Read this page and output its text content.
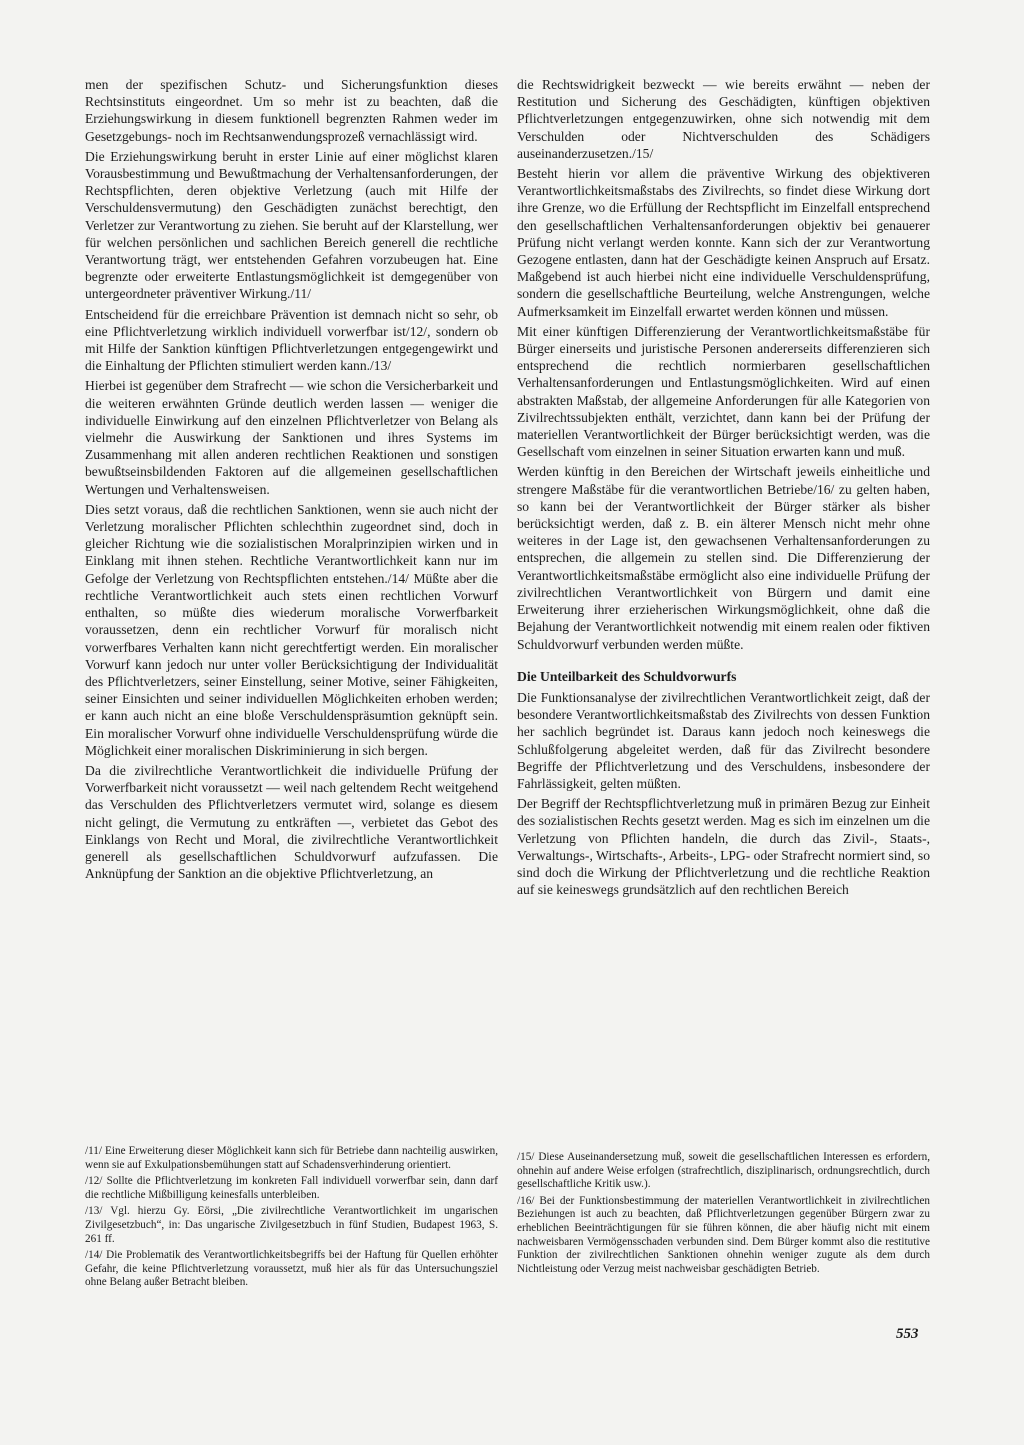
men der spezifischen Schutz- und Sicherungsfunktion dieses Rechtsinstituts eingeordnet. Um so mehr ist zu beachten, daß die Erziehungswirkung in diesem funktionell begrenzten Rahmen weder im Gesetzgebungs- noch im Rechtsanwendungsprozeß vernachlässigt wird.

Die Erziehungswirkung beruht in erster Linie auf einer möglichst klaren Vorausbestimmung und Bewußtmachung der Verhaltensanforderungen, der Rechtspflichten, deren objektive Verletzung (auch mit Hilfe der Verschuldensvermutung) den Geschädigten zunächst berechtigt, den Verletzer zur Verantwortung zu ziehen. Sie beruht auf der Klarstellung, wer für welchen persönlichen und sachlichen Bereich generell die rechtliche Verantwortung trägt, wer entstehenden Gefahren vorzubeugen hat. Eine begrenzte oder erweiterte Entlastungsmöglichkeit ist demgegenüber von untergeordneter präventiver Wirkung./11/

Entscheidend für die erreichbare Prävention ist demnach nicht so sehr, ob eine Pflichtverletzung wirklich individuell vorwerfbar ist/12/, sondern ob mit Hilfe der Sanktion künftigen Pflichtverletzungen entgegengewirkt und die Einhaltung der Pflichten stimuliert werden kann./13/

Hierbei ist gegenüber dem Strafrecht — wie schon die Versicherbarkeit und die weiteren erwähnten Gründe deutlich werden lassen — weniger die individuelle Einwirkung auf den einzelnen Pflichtverletzer von Belang als vielmehr die Auswirkung der Sanktionen und ihres Systems im Zusammenhang mit allen anderen rechtlichen Reaktionen und sonstigen bewußtseinsbildenden Faktoren auf die allgemeinen gesellschaftlichen Wertungen und Verhaltensweisen.

Dies setzt voraus, daß die rechtlichen Sanktionen, wenn sie auch nicht der Verletzung moralischer Pflichten schlechthin zugeordnet sind, doch in gleicher Richtung wie die sozialistischen Moralprinzipien wirken und in Einklang mit ihnen stehen. Rechtliche Verantwortlichkeit kann nur im Gefolge der Verletzung von Rechtspflichten entstehen./14/ Müßte aber die rechtliche Verantwortlichkeit auch stets einen rechtlichen Vorwurf enthalten, so müßte dies wiederum moralische Vorwerfbarkeit voraussetzen, denn ein rechtlicher Vorwurf für moralisch nicht vorwerfbares Verhalten kann nicht gerechtfertigt werden. Ein moralischer Vorwurf kann jedoch nur unter voller Berücksichtigung der Individualität des Pflichtverletzers, seiner Einstellung, seiner Motive, seiner Fähigkeiten, seiner Einsichten und seiner individuellen Möglichkeiten erhoben werden; er kann auch nicht an eine bloße Verschuldenspräsumtion geknüpft sein. Ein moralischer Vorwurf ohne individuelle Verschuldensprüfung würde die Möglichkeit einer moralischen Diskriminierung in sich bergen.

Da die zivilrechtliche Verantwortlichkeit die individuelle Prüfung der Vorwerfbarkeit nicht voraussetzt — weil nach geltendem Recht weitgehend das Verschulden des Pflichtverletzers vermutet wird, solange es diesem nicht gelingt, die Vermutung zu entkräften —, verbietet das Gebot des Einklangs von Recht und Moral, die zivilrechtliche Verantwortlichkeit generell als gesellschaftlichen Schuldvorwurf aufzufassen. Die Anknüpfung der Sanktion an die objektive Pflichtverletzung, an

die Rechtswidrigkeit bezweckt — wie bereits erwähnt — neben der Restitution und Sicherung des Geschädigten, künftigen objektiven Pflichtverletzungen entgegenzuwirken, ohne sich notwendig mit dem Verschulden oder Nichtverschulden des Schädigers auseinanderzusetzen./15/

Besteht hierin vor allem die präventive Wirkung des objektiveren Verantwortlichkeitsmaßstabs des Zivilrechts, so findet diese Wirkung dort ihre Grenze, wo die Erfüllung der Rechtspflicht im Einzelfall entsprechend den gesellschaftlichen Verhaltensanforderungen objektiv bei genauerer Prüfung nicht verlangt werden konnte. Kann sich der zur Verantwortung Gezogene entlasten, dann hat der Geschädigte keinen Anspruch auf Ersatz. Maßgebend ist auch hierbei nicht eine individuelle Verschuldensprüfung, sondern die gesellschaftliche Beurteilung, welche Anstrengungen, welche Aufmerksamkeit im Einzelfall erwartet werden können und müssen.

Mit einer künftigen Differenzierung der Verantwortlichkeitsmaßstäbe für Bürger einerseits und juristische Personen andererseits differenzieren sich entsprechend die rechtlich normierbaren gesellschaftlichen Verhaltensanforderungen und Entlastungsmöglichkeiten. Wird auf einen abstrakten Maßstab, der allgemeine Anforderungen für alle Kategorien von Zivilrechtssubjekten enthält, verzichtet, dann kann bei der Prüfung der materiellen Verantwortlichkeit der Bürger berücksichtigt werden, was die Gesellschaft vom einzelnen in seiner Situation erwarten kann und muß.

Werden künftig in den Bereichen der Wirtschaft jeweils einheitliche und strengere Maßstäbe für die verantwortlichen Betriebe/16/ zu gelten haben, so kann bei der Verantwortlichkeit der Bürger stärker als bisher berücksichtigt werden, daß z. B. ein älterer Mensch nicht mehr ohne weiteres in der Lage ist, den gewachsenen Verhaltensanforderungen zu entsprechen, die allgemein zu stellen sind. Die Differenzierung der Verantwortlichkeitsmaßstäbe ermöglicht also eine individuelle Prüfung der zivilrechtlichen Verantwortlichkeit von Bürgern und damit eine Erweiterung ihrer erzieherischen Wirkungsmöglichkeit, ohne daß die Bejahung der Verantwortlichkeit notwendig mit einem realen oder fiktiven Schuldvorwurf verbunden werden müßte.

Die Unteilbarkeit des Schuldvorwurfs

Die Funktionsanalyse der zivilrechtlichen Verantwortlichkeit zeigt, daß der besondere Verantwortlichkeitsmaßstab des Zivilrechts von dessen Funktion her sachlich begründet ist. Daraus kann jedoch noch keineswegs die Schlußfolgerung abgeleitet werden, daß für das Zivilrecht besondere Begriffe der Pflichtverletzung und des Verschuldens, insbesondere der Fahrlässigkeit, gelten müßten.

Der Begriff der Rechtspflichtverletzung muß in primären Bezug zur Einheit des sozialistischen Rechts gesetzt werden. Mag es sich im einzelnen um die Verletzung von Pflichten handeln, die durch das Zivil-, Staats-, Verwaltungs-, Wirtschafts-, Arbeits-, LPG- oder Strafrecht normiert sind, so sind doch die Wirkung der Pflichtverletzung und die rechtliche Reaktion auf sie keineswegs grundsätzlich auf den rechtlichen Bereich

/11/ Eine Erweiterung dieser Möglichkeit kann sich für Betriebe dann nachteilig auswirken, wenn sie auf Exkulpationsbemühungen statt auf Schadensverhinderung orientiert.

/12/ Sollte die Pflichtverletzung im konkreten Fall individuell vorwerfbar sein, dann darf die rechtliche Mißbilligung keinesfalls unterbleiben.

/13/ Vgl. hierzu Gy. Eörsi, „Die zivilrechtliche Verantwortlichkeit im ungarischen Zivilgesetzbuch“, in: Das ungarische Zivilgesetzbuch in fünf Studien, Budapest 1963, S. 261 ff.

/14/ Die Problematik des Verantwortlichkeitsbegriffs bei der Haftung für Quellen erhöhter Gefahr, die keine Pflichtverletzung voraussetzt, muß hier als für das Untersuchungsziel ohne Belang außer Betracht bleiben.

/15/ Diese Auseinandersetzung muß, soweit die gesellschaftlichen Interessen es erfordern, ohnehin auf andere Weise erfolgen (strafrechtlich, disziplinarisch, ordnungsrechtlich, durch gesellschaftliche Kritik usw.).

/16/ Bei der Funktionsbestimmung der materiellen Verantwortlichkeit in zivilrechtlichen Beziehungen ist auch zu beachten, daß Pflichtverletzungen gegenüber Bürgern zwar zu erheblichen Beeinträchtigungen für sie führen können, die aber häufig nicht mit einem nachweisbaren Vermögensschaden verbunden sind. Dem Bürger kommt also die restitutive Funktion der zivilrechtlichen Sanktionen ohnehin weniger zugute als dem durch Nichtleistung oder Verzug meist nachweisbar geschädigten Betrieb.

553
